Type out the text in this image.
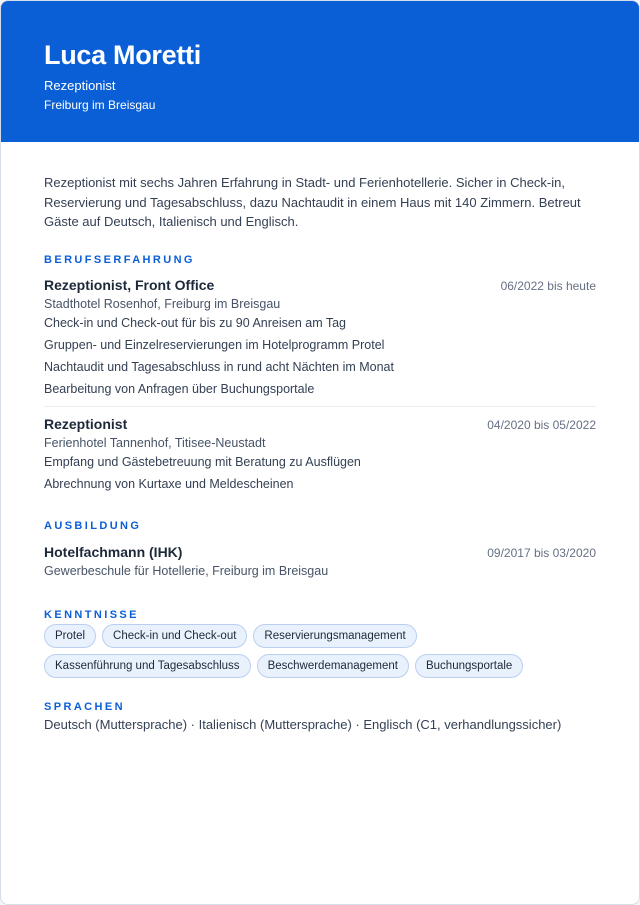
Luca Moretti
Rezeptionist
Freiburg im Breisgau

Rezeptionist mit sechs Jahren Erfahrung in Stadt- und Ferienhotellerie. Sicher in Check-in, Reservierung und Tagesabschluss, dazu Nachtaudit in einem Haus mit 140 Zimmern. Betreut Gäste auf Deutsch, Italienisch und Englisch.

BERUFSERFAHRUNG
Rezeptionist, Front Office	06/2022 bis heute
Stadthotel Rosenhof, Freiburg im Breisgau
Check-in und Check-out für bis zu 90 Anreisen am Tag
Gruppen- und Einzelreservierungen im Hotelprogramm Protel
Nachtaudit und Tagesabschluss in rund acht Nächten im Monat
Bearbeitung von Anfragen über Buchungsportale
Rezeptionist	04/2020 bis 05/2022
Ferienhotel Tannenhof, Titisee-Neustadt
Empfang und Gästebetreuung mit Beratung zu Ausflügen
Abrechnung von Kurtaxe und Meldescheinen
AUSBILDUNG
Hotelfachmann (IHK)	09/2017 bis 03/2020
Gewerbeschule für Hotellerie, Freiburg im Breisgau
KENNTNISSE
Protel	Check-in und Check-out	Reservierungsmanagement
Kassenführung und Tagesabschluss	Beschwerdemanagement	Buchungsportale
SPRACHEN
Deutsch (Muttersprache) · Italienisch (Muttersprache) · Englisch (C1, verhandlungssicher)
